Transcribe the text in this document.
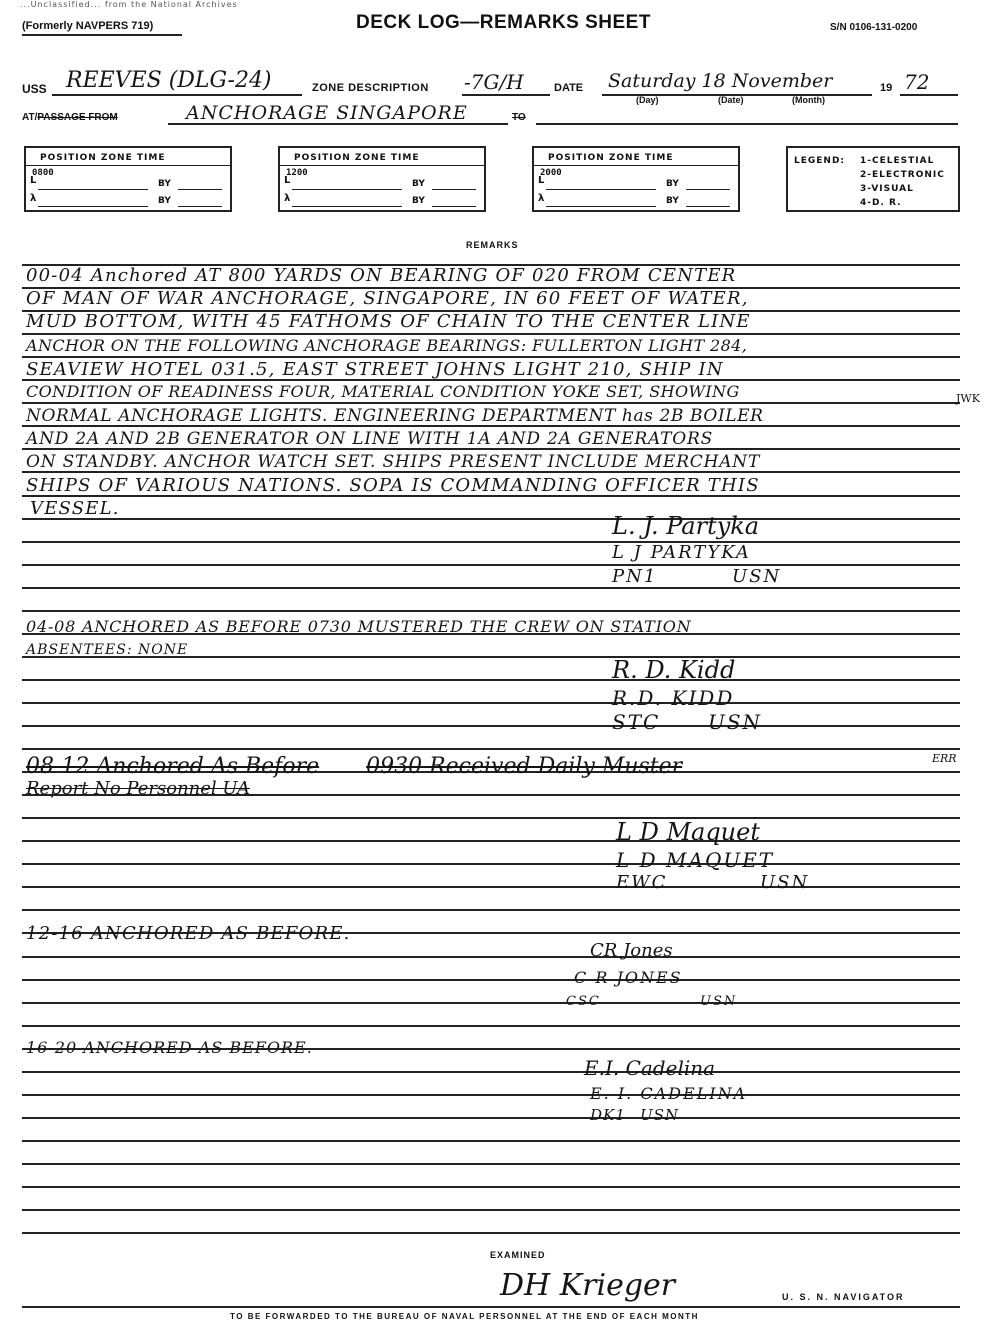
...Unclassified... from the National Archives
(Formerly NAVPERS 719)	DECK LOG—REMARKS SHEET	S/N 0106-131-0200
USS REEVES (DLG-24)	ZONE DESCRIPTION -7G/H	DATE Saturday 18 November	19 72
(Day)	(Date)	(Month)
AT/PASSAGE FROM	ANCHORAGE SINGAPORE	TO
POSITION ZONE TIME
0800
L	BY
λ	BY
POSITION ZONE TIME
1200
L	BY
λ	BY
POSITION ZONE TIME
2000
L	BY
λ	BY
LEGEND: 1-CELESTIAL
2-ELECTRONIC
3-VISUAL
4-D. R.
REMARKS
00-04 Anchored AT 800 YARDS ON BEARING OF 020 FROM CENTER
OF MAN OF WAR ANCHORAGE, SINGAPORE, IN 60 FEET OF WATER,
MUD BOTTOM, WITH 45 FATHOMS OF CHAIN TO THE CENTER LINE
ANCHOR ON THE FOLLOWING ANCHORAGE BEARINGS: FULLERTON LIGHT 284,
SEAVIEW HOTEL 031.5, EAST STREET JOHNS LIGHT 210, SHIP IN
CONDITION OF READINESS FOUR, MATERIAL CONDITION YOKE SET, SHOWING
NORMAL ANCHORAGE LIGHTS. ENGINEERING DEPARTMENT has 2B BOILER
AND 2A AND 2B GENERATOR ON LINE WITH 1A AND 2A GENERATORS
ON STANDBY. ANCHOR WATCH SET. SHIPS PRESENT INCLUDE MERCHANT
SHIPS OF VARIOUS NATIONS. SOPA IS COMMANDING OFFICER THIS
VESSEL.
JWK
L. J. Partyka
L J PARTYKA
PN1	USN
04-08 ANCHORED AS BEFORE 0730 MUSTERED THE CREW ON STATION
ABSENTEES: NONE
R. D. Kidd
R.D. KIDD
STC USN
08-12 Anchored As Before 0930 Received Daily Muster
Report No Personnel UA
ERR
L D Maquet
L D MAQUET
EWC	USN
12-16 ANCHORED AS BEFORE.
CR Jones
C R JONES
CSC	USN
16-20 ANCHORED AS BEFORE.
E.I. Cadelina
E. I. CADELINA
DK1 USN
EXAMINED
DH Krieger	U. S. N. NAVIGATOR
TO BE FORWARDED TO THE BUREAU OF NAVAL PERSONNEL AT THE END OF EACH MONTH
